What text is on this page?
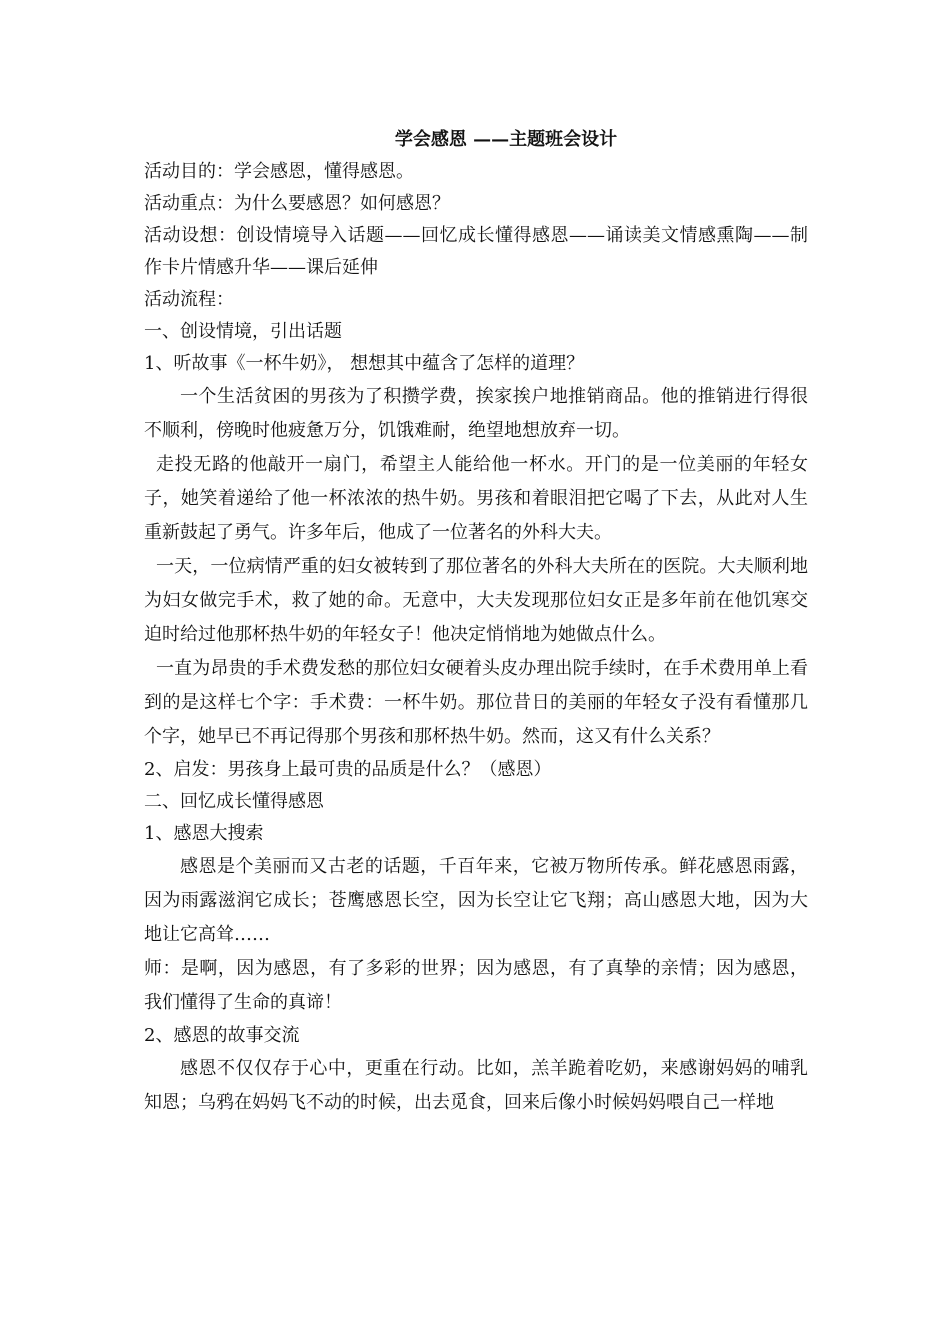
学会感恩 ——主题班会设计

活动目的：学会感恩，懂得感恩。

活动重点：为什么要感恩？如何感恩？

活动设想：创设情境导入话题——回忆成长懂得感恩——诵读美文情感熏陶——制作卡片情感升华——课后延伸

活动流程：

一、创设情境，引出话题

1、听故事《一杯牛奶》， 想想其中蕴含了怎样的道理？

一个生活贫困的男孩为了积攒学费，挨家挨户地推销商品。他的推销进行得很不顺利，傍晚时他疲惫万分，饥饿难耐，绝望地想放弃一切。

走投无路的他敲开一扇门，希望主人能给他一杯水。开门的是一位美丽的年轻女子，她笑着递给了他一杯浓浓的热牛奶。男孩和着眼泪把它喝了下去，从此对人生重新鼓起了勇气。许多年后，他成了一位著名的外科大夫。

一天，一位病情严重的妇女被转到了那位著名的外科大夫所在的医院。大夫顺利地为妇女做完手术，救了她的命。无意中，大夫发现那位妇女正是多年前在他饥寒交迫时给过他那杯热牛奶的年轻女子！他决定悄悄地为她做点什么。

一直为昂贵的手术费发愁的那位妇女硬着头皮办理出院手续时，在手术费用单上看到的是这样七个字：手术费：一杯牛奶。那位昔日的美丽的年轻女子没有看懂那几个字，她早已不再记得那个男孩和那杯热牛奶。然而，这又有什么关系？

2、启发：男孩身上最可贵的品质是什么？（感恩）

二、回忆成长懂得感恩

1、感恩大搜索

感恩是个美丽而又古老的话题，千百年来，它被万物所传承。鲜花感恩雨露，因为雨露滋润它成长；苍鹰感恩长空，因为长空让它飞翔；高山感恩大地，因为大地让它高耸……

师：是啊，因为感恩，有了多彩的世界；因为感恩，有了真挚的亲情；因为感恩，我们懂得了生命的真谛！

2、感恩的故事交流

感恩不仅仅存于心中，更重在行动。比如，羔羊跪着吃奶，来感谢妈妈的哺乳知恩；乌鸦在妈妈飞不动的时候，出去觅食，回来后像小时候妈妈喂自己一样地
